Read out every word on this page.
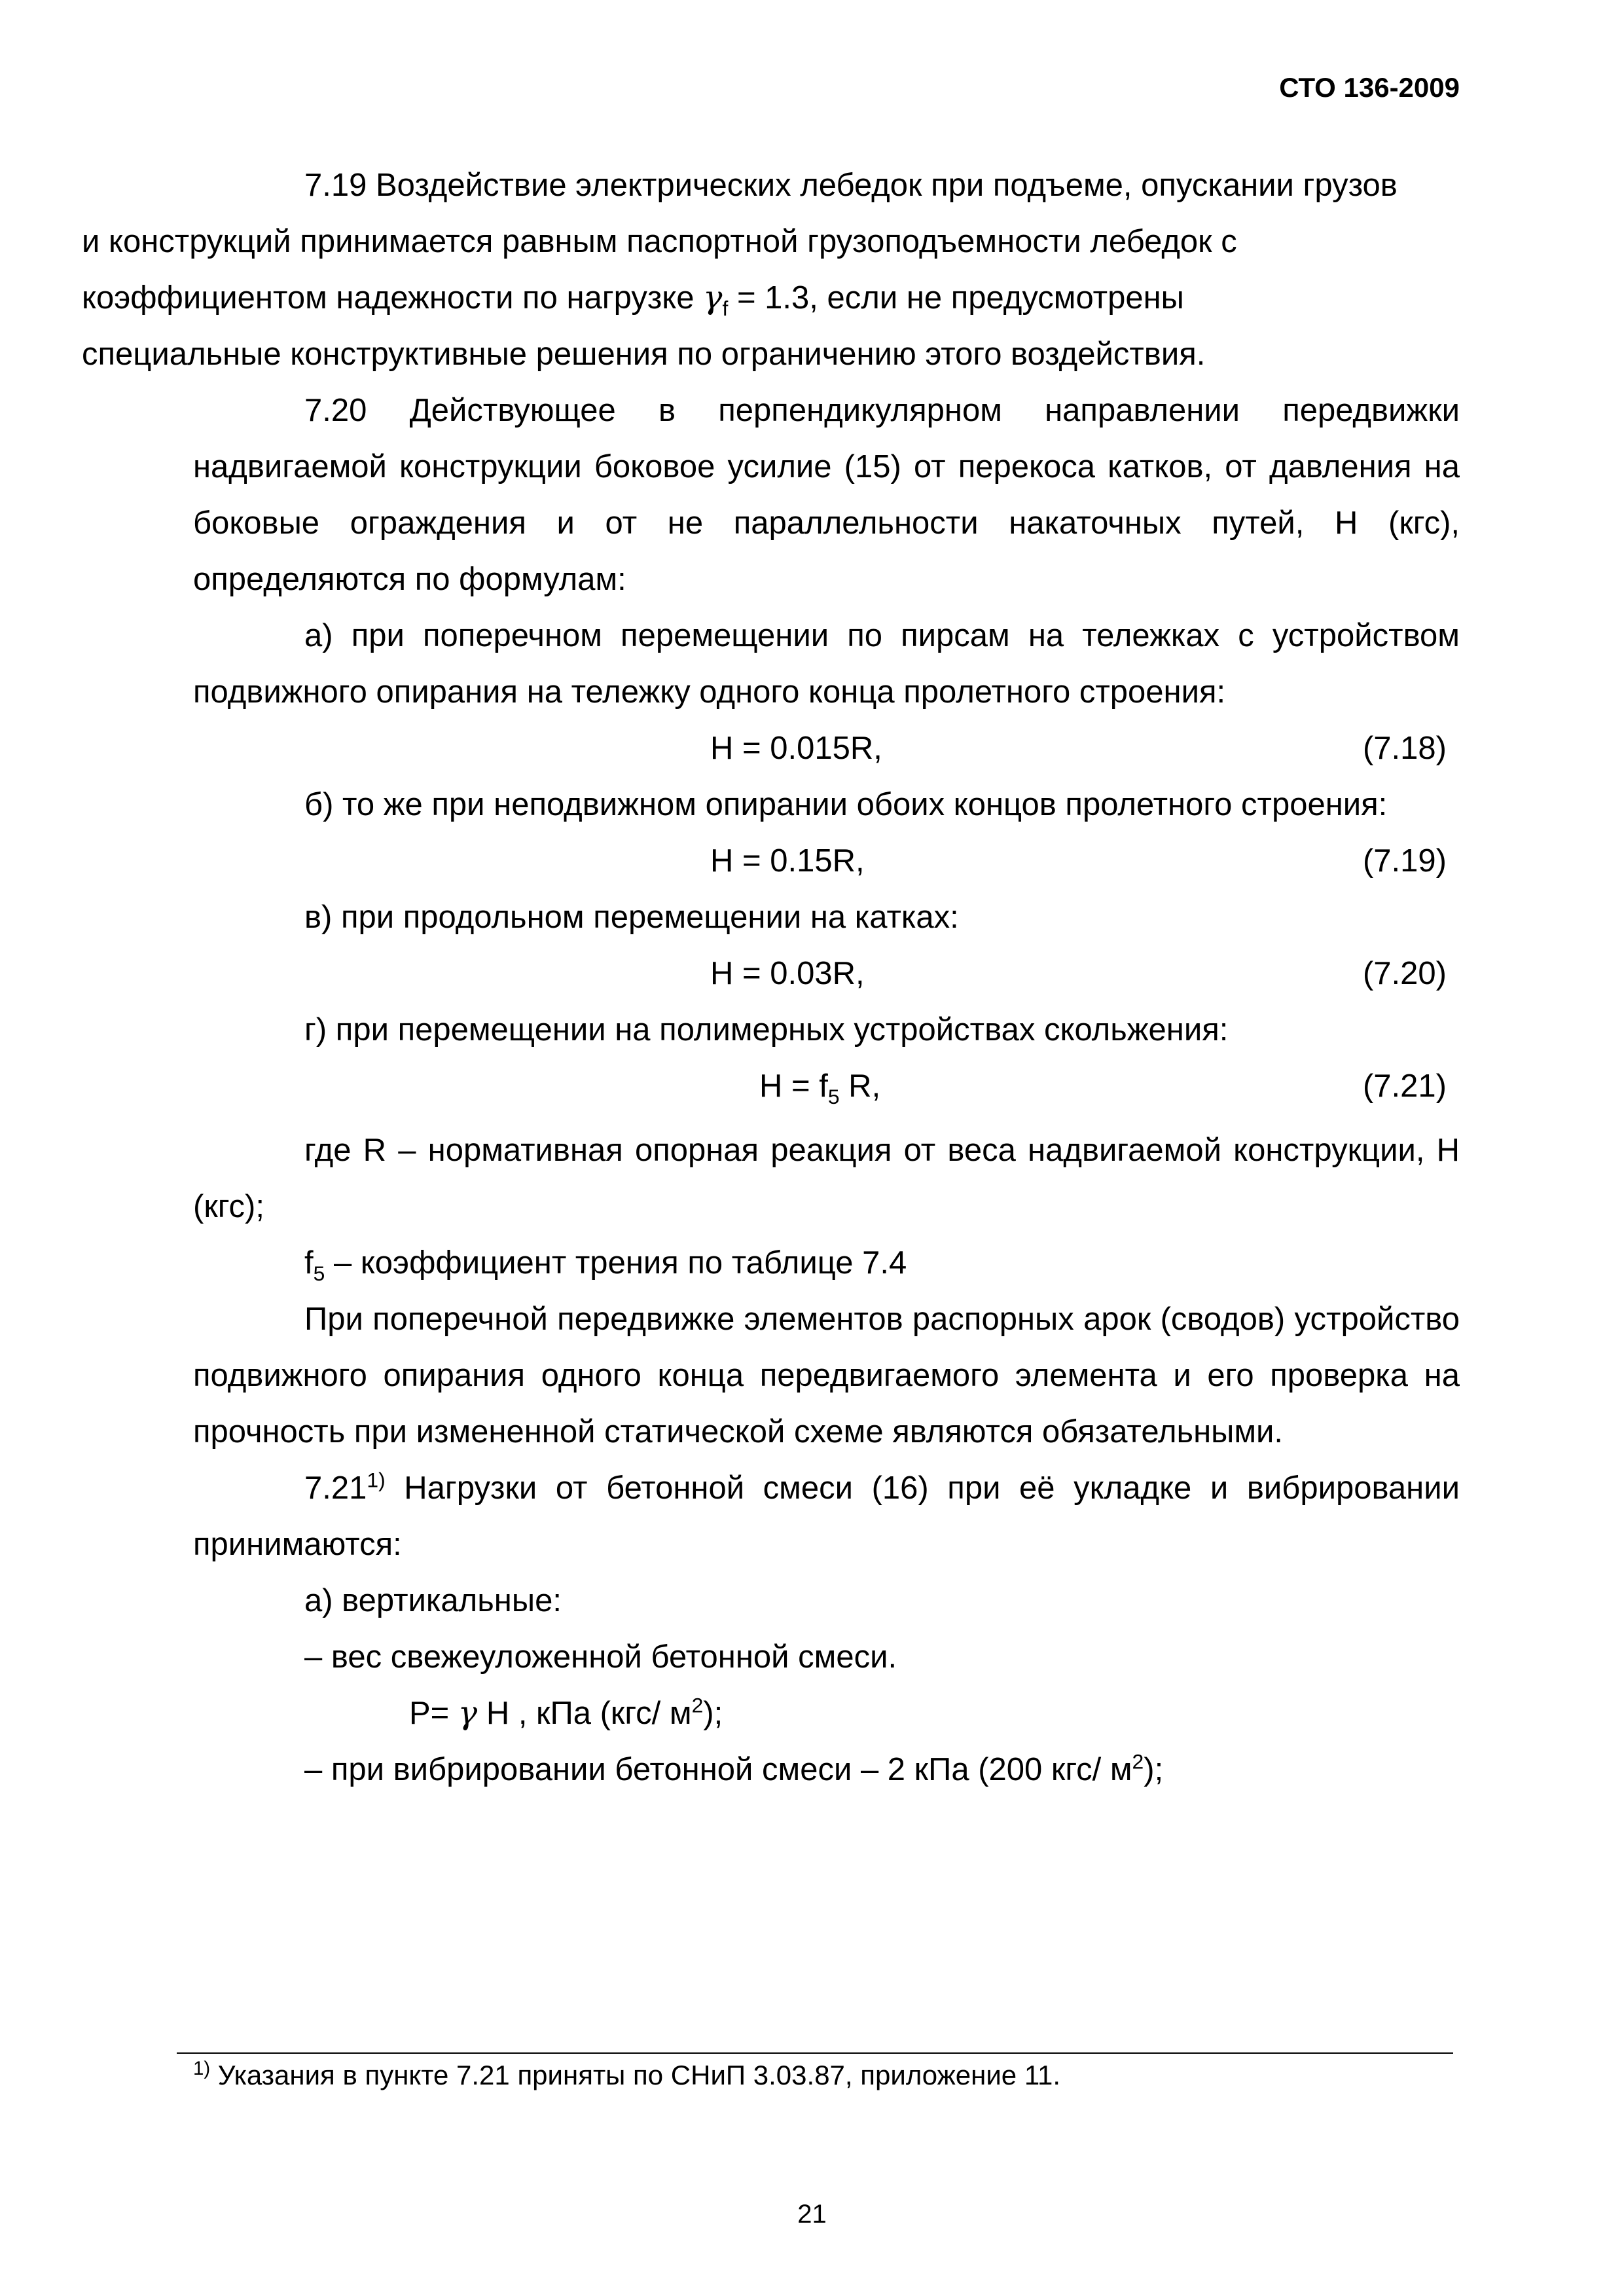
СТО 136-2009

7.19 Воздействие электрических лебедок при подъеме, опускании грузов
и конструкций принимается равным паспортной грузоподъемности лебедок с
коэффициентом надежности по нагрузке $\gamma_f = 1.3$, если не предусмотрены
специальные конструктивные решения по ограничению этого воздействия.

7.20 Действующее в перпендикулярном направлении передвижки надвигаемой конструкции боковое усилие (15) от перекоса катков, от давления на боковые ограждения и от не параллельности накаточных путей, H (кгс), определяются по формулам:

а) при поперечном перемещении по пирсам на тележках с устройством подвижного опирания на тележку одного конца пролетного строения:

H = 0.015R,	(7.18)

б) то же при неподвижном опирании обоих концов пролетного строения:

H = 0.15R,	(7.19)

в) при продольном перемещении на катках:

H = 0.03R,	(7.20)

г) при перемещении на полимерных устройствах скольжения:

$H = f_5$ R,	(7.21)

где R – нормативная опорная реакция от веса надвигаемой конструкции, H (кгс);

$f_5$ – коэффициент трения по таблице 7.4

При поперечной передвижке элементов распорных арок (сводов) устройство подвижного опирания одного конца передвигаемого элемента и его проверка на прочность при измененной статической схеме являются обязательными.

7.21$^{1)}$ Нагрузки от бетонной смеси (16) при её укладке и вибрировании принимаются:

а) вертикальные:

– вес свежеуложенной бетонной смеси.

P= γ H , кПа (кгс/ $м^2$);

– при вибрировании бетонной смеси – 2 кПа (200 кгс/ $м^2$);

$^{1)}$ Указания в пункте 7.21 приняты по СНиП 3.03.87, приложение 11.
21
